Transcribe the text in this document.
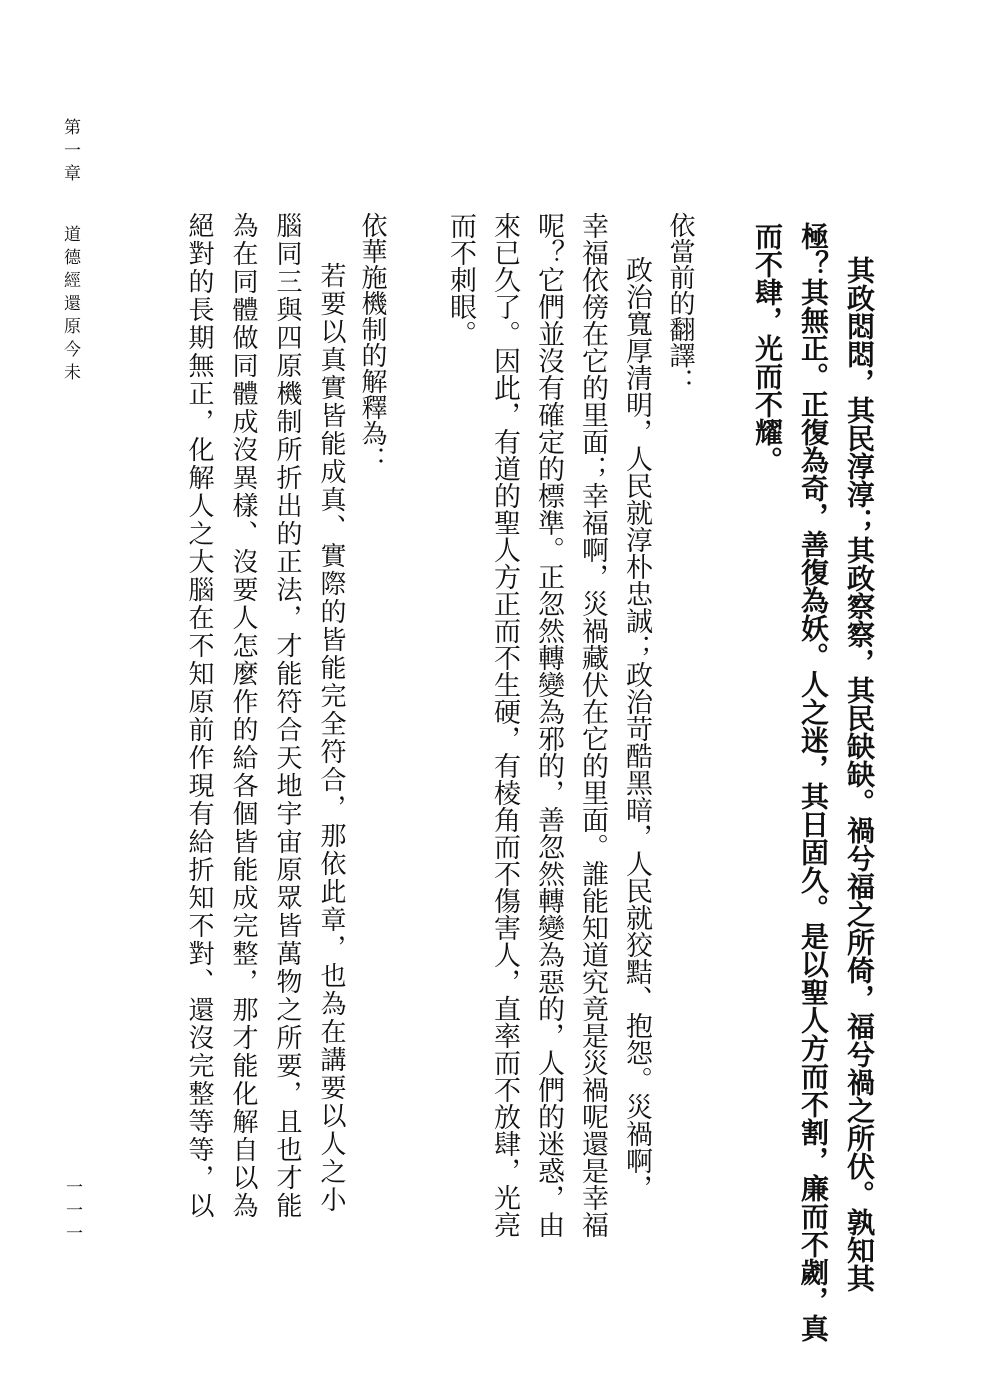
第一章道德經還原今未
一一一	其政悶悶，其民淳淳；其政察察，其民缺缺。禍兮福之所倚，福兮禍之所伏。孰知其
極？其無正。正復為奇，善復為妖。人之迷，其日固久。是以聖人方而不割，廉而不劌，真
而不肆，光而不耀。
依當前的翻譯：
政治寬厚清明，人民就淳朴忠誠；政治苛酷黑暗，人民就狡黠、抱怨。災禍啊，
幸福依傍在它的里面；幸福啊，災禍藏伏在它的里面。誰能知道究竟是災禍呢還是幸福
呢？它們並沒有確定的標準。正忽然轉變為邪的，善忽然轉變為惡的，人們的迷惑，由
來已久了。因此，有道的聖人方正而不生硬，有棱角而不傷害人，直率而不放肆，光亮
而不刺眼。
依華施機制的解釋為：
若要以真實皆能成真、實際的皆能完全符合，那依此章，也為在講要以人之小
腦同三與四原機制所折出的正法，才能符合天地宇宙原眾皆萬物之所要，且也才能
為在同體做同體成沒異樣、沒要人怎麼作的給各個皆能成完整，那才能化解自以為
絕對的長期無正，化解人之大腦在不知原前作現有給折知不對、還沒完整等等，以
